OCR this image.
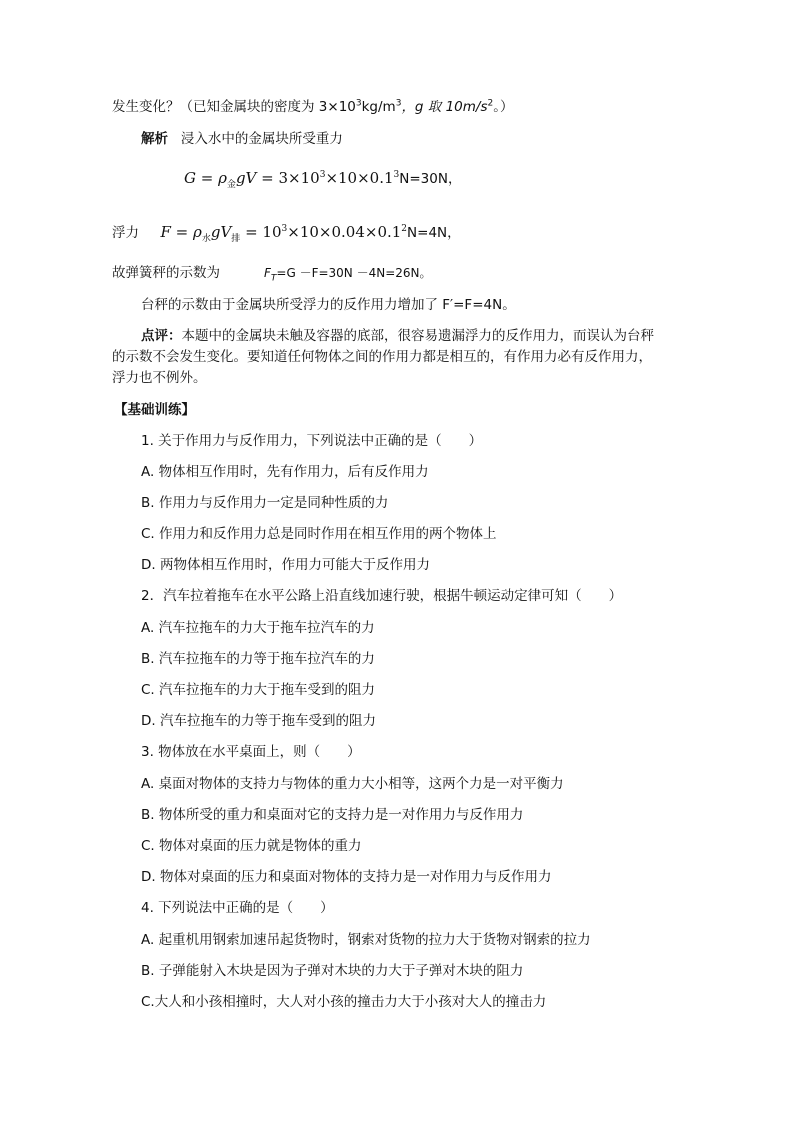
发生变化？（已知金属块的密度为 $3\times 10^3kg/m^3$，g 取 $10m/s^2$。）
解析 浸入水中的金属块所受重力
$G = \rho_金gV = 3\times 10^3\times 10\times 0.1^3N=30N$，
浮力 $F = \rho_水gV_排 = 10^3\times 10\times 0.04\times 0.1^2N=4N$，
故弹簧秤的示数为	$F_T=G -F=30N -4N=26N$。
台秤的示数由于金属块所受浮力的反作用力增加了 F′=F=4N。
点评：本题中的金属块未触及容器的底部，很容易遗漏浮力的反作用力，而误认为台秤
的示数不会发生变化。要知道任何物体之间的作用力都是相互的，有作用力必有反作用力，
浮力也不例外。
【基础训练】
1. 关于作用力与反作用力，下列说法中正确的是（　　）
A. 物体相互作用时，先有作用力，后有反作用力
B. 作用力与反作用力一定是同种性质的力
C. 作用力和反作用力总是同时作用在相互作用的两个物体上
D. 两物体相互作用时，作用力可能大于反作用力
2．汽车拉着拖车在水平公路上沿直线加速行驶，根据牛顿运动定律可知（　　）
A. 汽车拉拖车的力大于拖车拉汽车的力
B. 汽车拉拖车的力等于拖车拉汽车的力
C. 汽车拉拖车的力大于拖车受到的阻力
D. 汽车拉拖车的力等于拖车受到的阻力
3. 物体放在水平桌面上，则（　　）
A. 桌面对物体的支持力与物体的重力大小相等，这两个力是一对平衡力
B. 物体所受的重力和桌面对它的支持力是一对作用力与反作用力
C. 物体对桌面的压力就是物体的重力
D. 物体对桌面的压力和桌面对物体的支持力是一对作用力与反作用力
4. 下列说法中正确的是（　　）
A. 起重机用钢索加速吊起货物时，钢索对货物的拉力大于货物对钢索的拉力
B. 子弹能射入木块是因为子弹对木块的力大于子弹对木块的阻力
C.大人和小孩相撞时，大人对小孩的撞击力大于小孩对大人的撞击力
